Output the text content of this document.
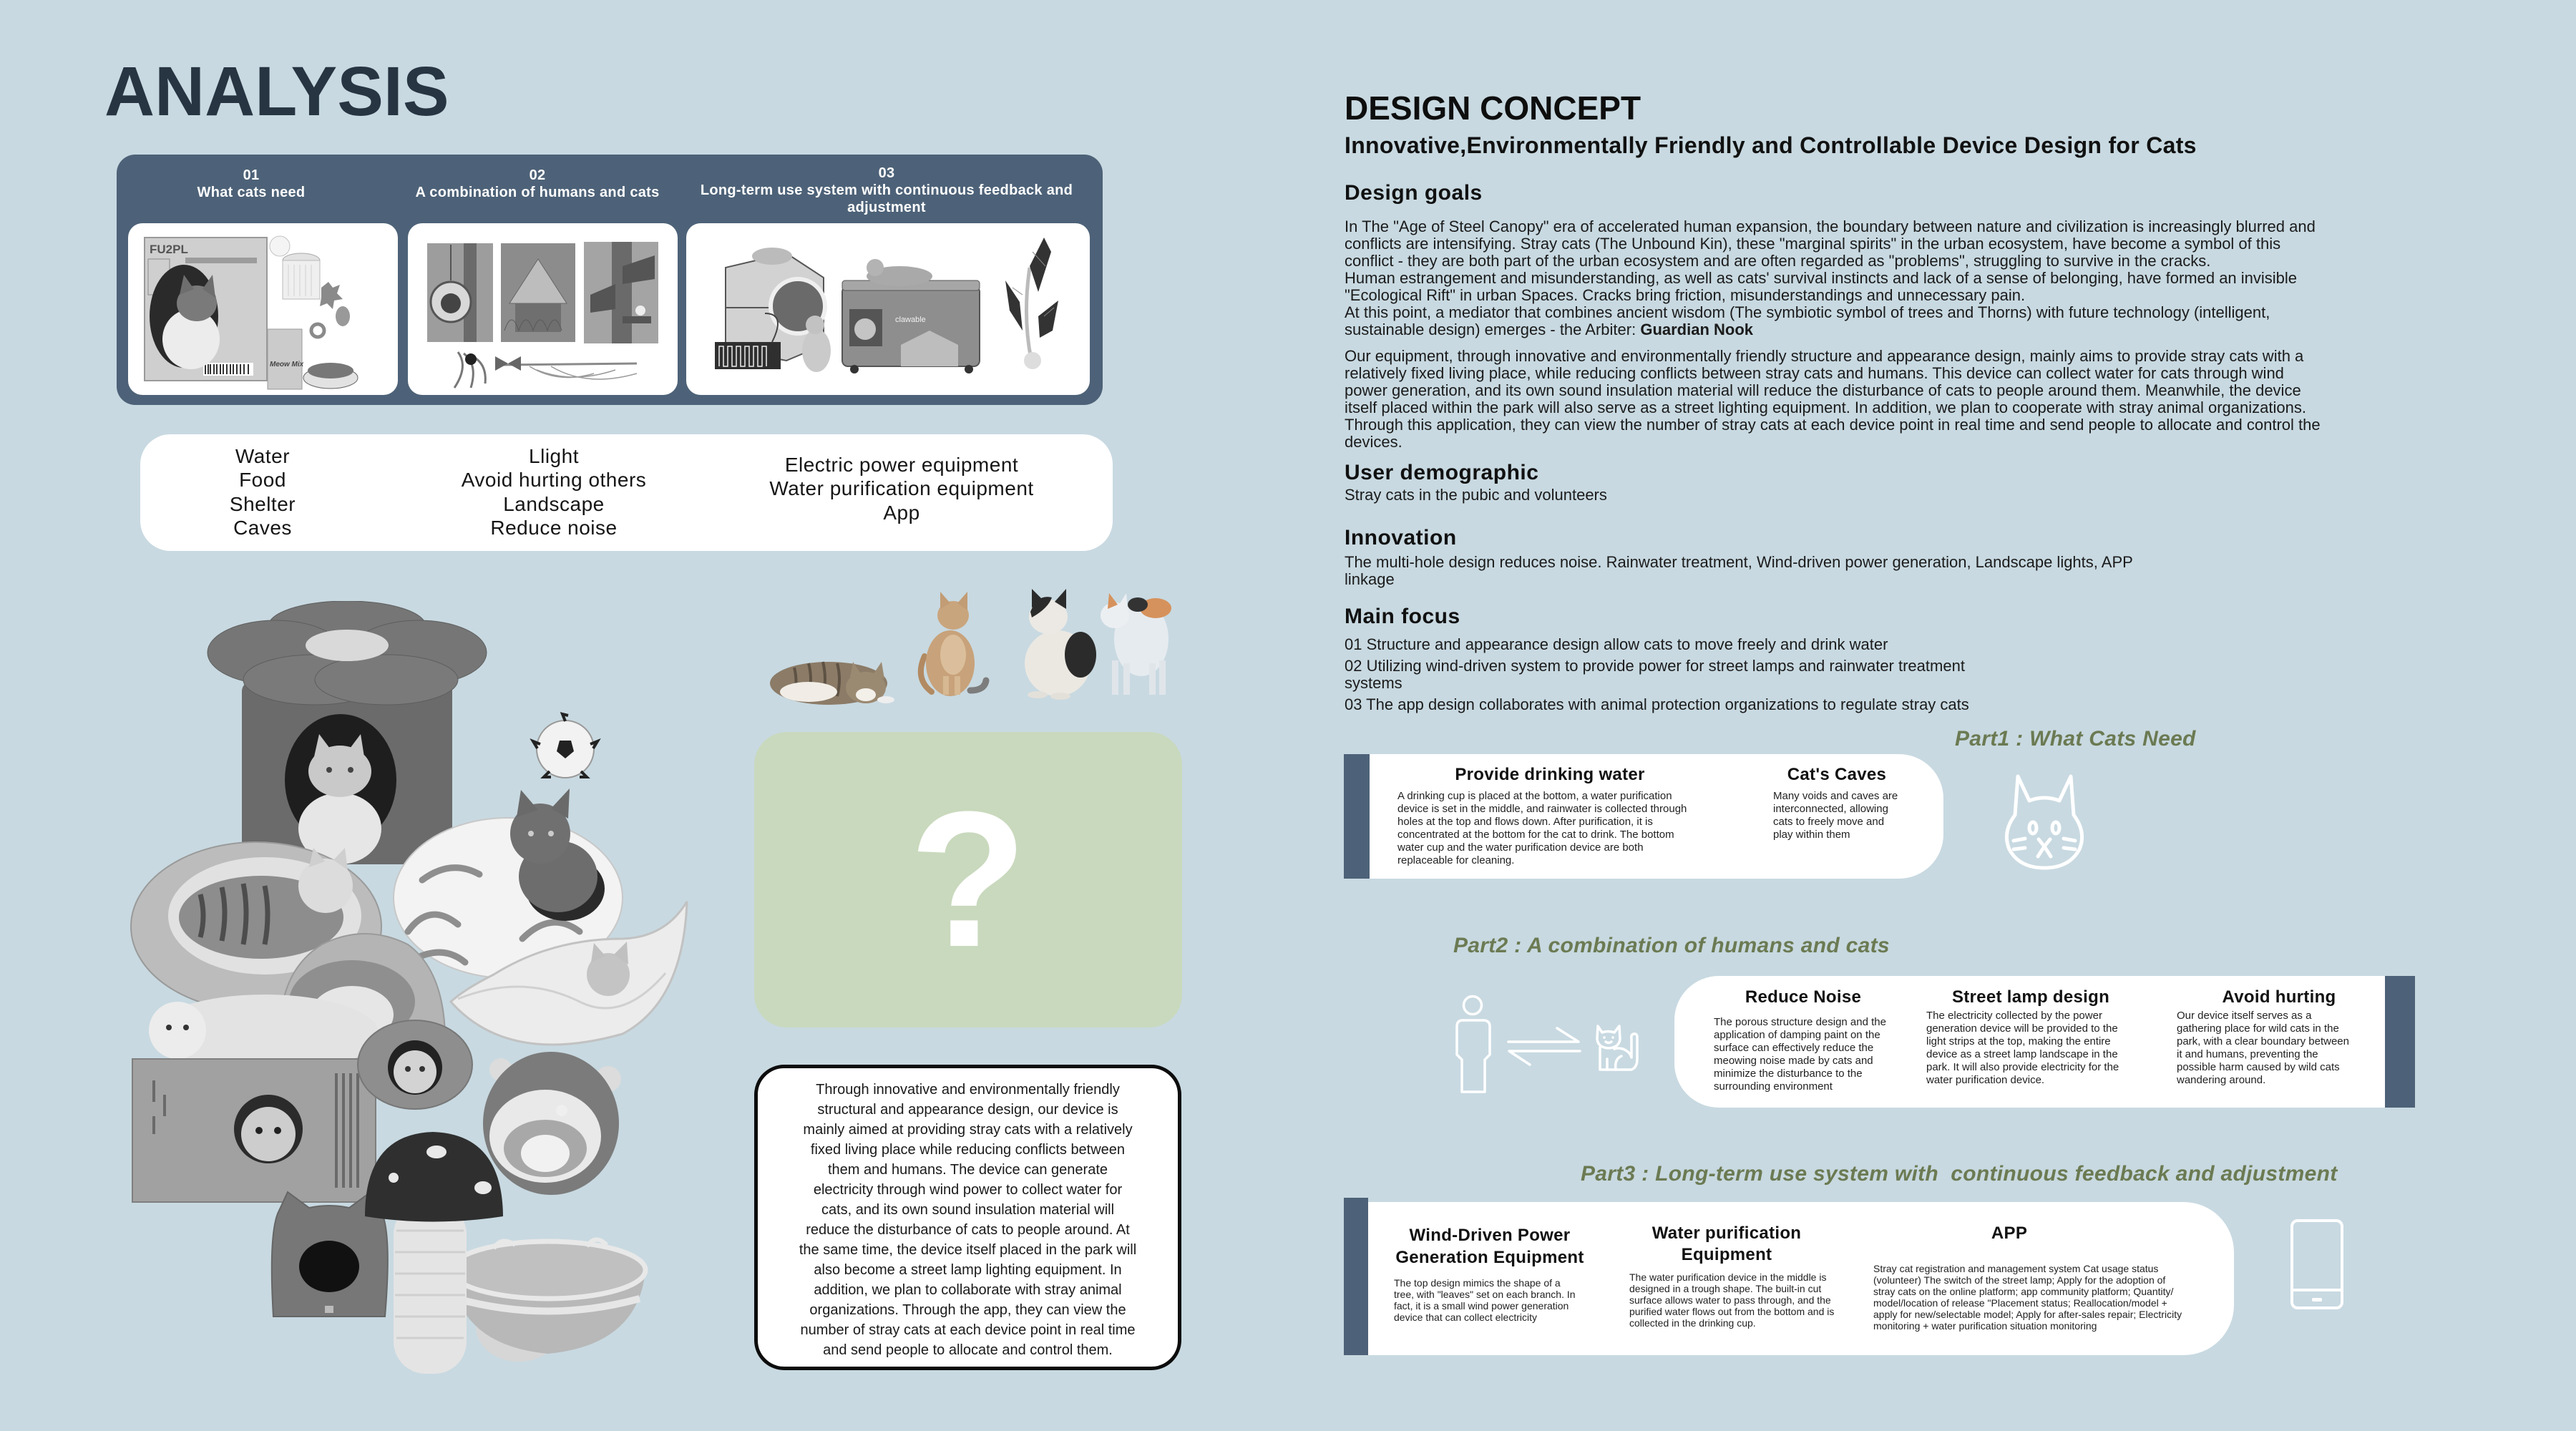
ANALYSIS
01
What cats need
02
A combination of humans and cats
03
Long-term use system with continuous feedback and
adjustment
FU2PL
Meow Mix
clawable
Water
Food
Shelter
Caves
Llight
Avoid hurting others
Landscape
Reduce noise
Electric power equipment
Water purification equipment
App
?
Through innovative and environmentally friendly
structural and appearance design, our device is
mainly aimed at providing stray cats with a relatively
fixed living place while reducing conflicts between
them and humans. The device can generate
electricity through wind power to collect water for
cats, and its own sound insulation material will
reduce the disturbance of cats to people around. At
the same time, the device itself placed in the park will
also become a street lamp lighting equipment. In
addition, we plan to collaborate with stray animal
organizations. Through the app, they can view the
number of stray cats at each device point in real time
and send people to allocate and control them.
DESIGN CONCEPT
Innovative,Environmentally Friendly and Controllable Device Design for Cats
Design goals
In The "Age of Steel Canopy" era of accelerated human expansion, the boundary between nature and civilization is increasingly blurred and
conflicts are intensifying. Stray cats (The Unbound Kin), these "marginal spirits" in the urban ecosystem, have become a symbol of this
conflict - they are both part of the urban ecosystem and are often regarded as "problems", struggling to survive in the cracks.
Human estrangement and misunderstanding, as well as cats' survival instincts and lack of a sense of belonging, have formed an invisible
"Ecological Rift" in urban Spaces. Cracks bring friction, misunderstandings and unnecessary pain.
At this point, a mediator that combines ancient wisdom (The symbiotic symbol of trees and Thorns) with future technology (intelligent,
sustainable design) emerges - the Arbiter: Guardian Nook
Our equipment, through innovative and environmentally friendly structure and appearance design, mainly aims to provide stray cats with a
relatively fixed living place, while reducing conflicts between stray cats and humans. This device can collect water for cats through wind
power generation, and its own sound insulation material will reduce the disturbance of cats to people around them. Meanwhile, the device
itself placed within the park will also serve as a street lighting equipment. In addition, we plan to cooperate with stray animal organizations.
Through this application, they can view the number of stray cats at each device point in real time and send people to allocate and control the
devices.
User demographic
Stray cats in the pubic and volunteers
Innovation
The multi-hole design reduces noise. Rainwater treatment, Wind-driven power generation, Landscape lights, APP
linkage
Main focus
01 Structure and appearance design allow cats to move freely and drink water
02 Utilizing wind-driven system to provide power for street lamps and rainwater treatment
systems
03 The app design collaborates with animal protection organizations to regulate stray cats
Part1 : What Cats Need
Provide drinking water
A drinking cup is placed at the bottom, a water purification
device is set in the middle, and rainwater is collected through
holes at the top and flows down. After purification, it is
concentrated at the bottom for the cat to drink. The bottom
water cup and the water purification device are both
replaceable for cleaning.
Cat's Caves
Many voids and caves are
interconnected, allowing
cats to freely move and
play within them
Part2 : A combination of humans and cats
Reduce Noise
The porous structure design and the
application of damping paint on the
surface can effectively reduce the
meowing noise made by cats and
minimize the disturbance to the
surrounding environment
Street lamp design
The electricity collected by the power
generation device will be provided to the
light strips at the top, making the entire
device as a street lamp landscape in the
park. It will also provide electricity for the
water purification device.
Avoid hurting
Our device itself serves as a
gathering place for wild cats in the
park, with a clear boundary between
it and humans, preventing the
possible harm caused by wild cats
wandering around.
Part3 : Long-term use system with  continuous feedback and adjustment
Wind-Driven Power
Generation Equipment
The top design mimics the shape of a
tree, with "leaves" set on each branch. In
fact, it is a small wind power generation
device that can collect electricity
Water purification
Equipment
The water purification device in the middle is
designed in a trough shape. The built-in cut
surface allows water to pass through, and the
purified water flows out from the bottom and is
collected in the drinking cup.
APP
Stray cat registration and management system Cat usage status
(volunteer) The switch of the street lamp; Apply for the adoption of
stray cats on the online platform; app community platform; Quantity/
model/location of release "Placement status; Reallocation/model +
apply for new/selectable model; Apply for after-sales repair; Electricity
monitoring + water purification situation monitoring
